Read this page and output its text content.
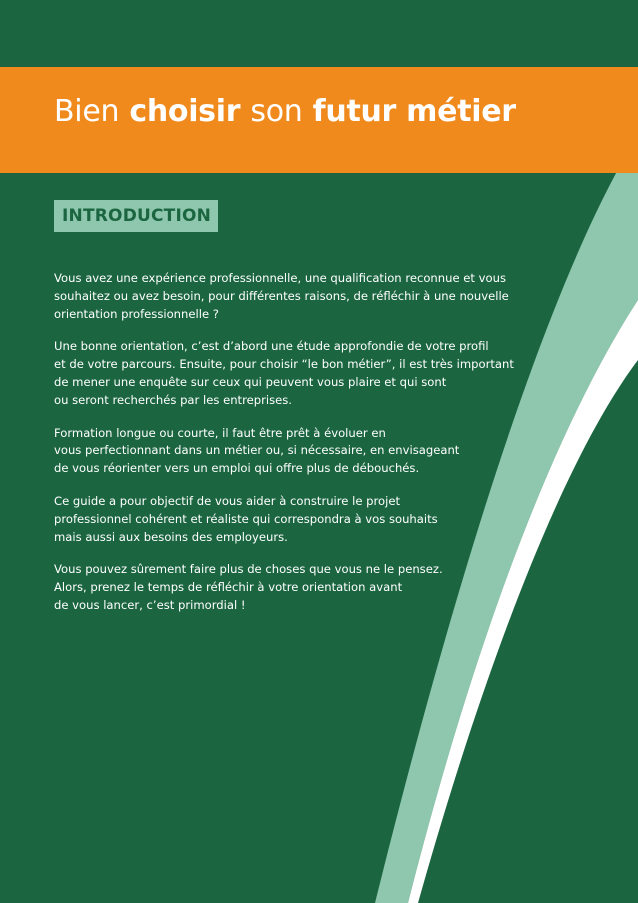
Bien choisir son futur métier
INTRODUCTION

Vous avez une expérience professionnelle, une qualification reconnue et vous
souhaitez ou avez besoin, pour différentes raisons, de réfléchir à une nouvelle
orientation professionnelle ?

Une bonne orientation, c’est d’abord une étude approfondie de votre profil
et de votre parcours. Ensuite, pour choisir “le bon métier”, il est très important
de mener une enquête sur ceux qui peuvent vous plaire et qui sont
ou seront recherchés par les entreprises.

Formation longue ou courte, il faut être prêt à évoluer en
vous perfectionnant dans un métier ou, si nécessaire, en envisageant
de vous réorienter vers un emploi qui offre plus de débouchés.

Ce guide a pour objectif de vous aider à construire le projet
professionnel cohérent et réaliste qui correspondra à vos souhaits
mais aussi aux besoins des employeurs.

Vous pouvez sûrement faire plus de choses que vous ne le pensez.
Alors, prenez le temps de réfléchir à votre orientation avant
de vous lancer, c’est primordial !
